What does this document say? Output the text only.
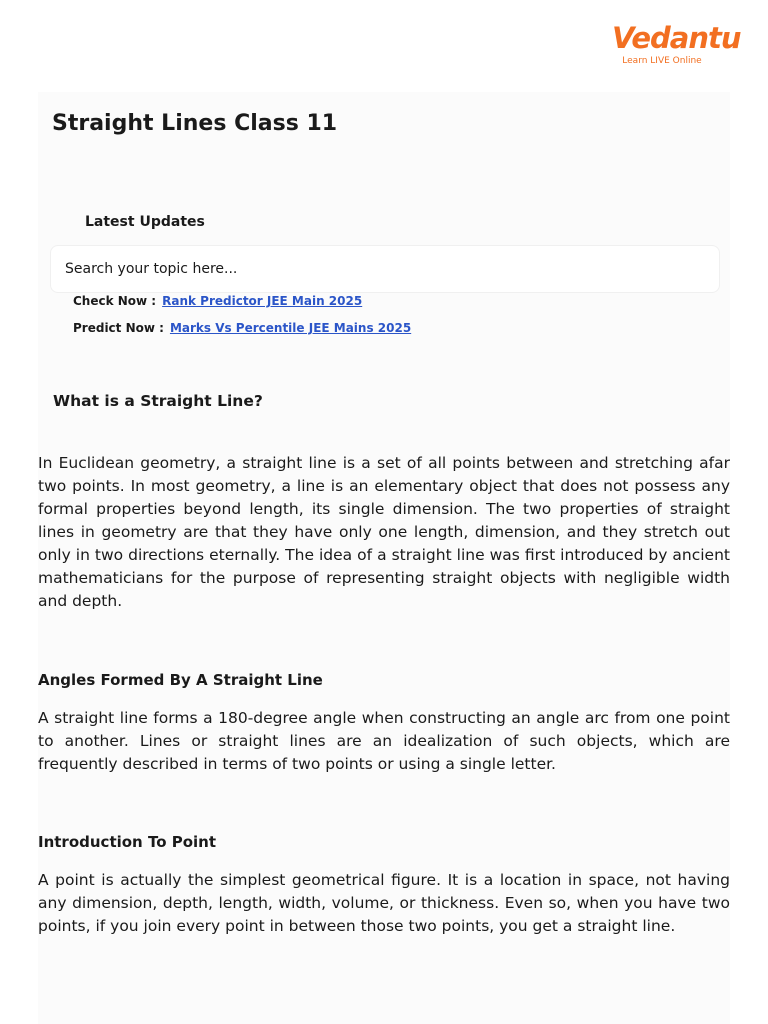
Vedantu
Learn LIVE Online
Straight Lines Class 11
Latest Updates
Search your topic here...
Check Now : Rank Predictor JEE Main 2025
Predict Now : Marks Vs Percentile JEE Mains 2025
What is a Straight Line?

In Euclidean geometry, a straight line is a set of all points between and stretching afar two points. In most geometry, a line is an elementary object that does not possess any formal properties beyond length, its single dimension. The two properties of straight lines in geometry are that they have only one length, dimension, and they stretch out only in two directions eternally. The idea of a straight line was first introduced by ancient mathematicians for the purpose of representing straight objects with negligible width and depth.

Angles Formed By A Straight Line

A straight line forms a 180-degree angle when constructing an angle arc from one point to another. Lines or straight lines are an idealization of such objects, which are frequently described in terms of two points or using a single letter.

Introduction To Point

A point is actually the simplest geometrical figure. It is a location in space, not having any dimension, depth, length, width, volume, or thickness. Even so, when you have two points, if you join every point in between those two points, you get a straight line.
